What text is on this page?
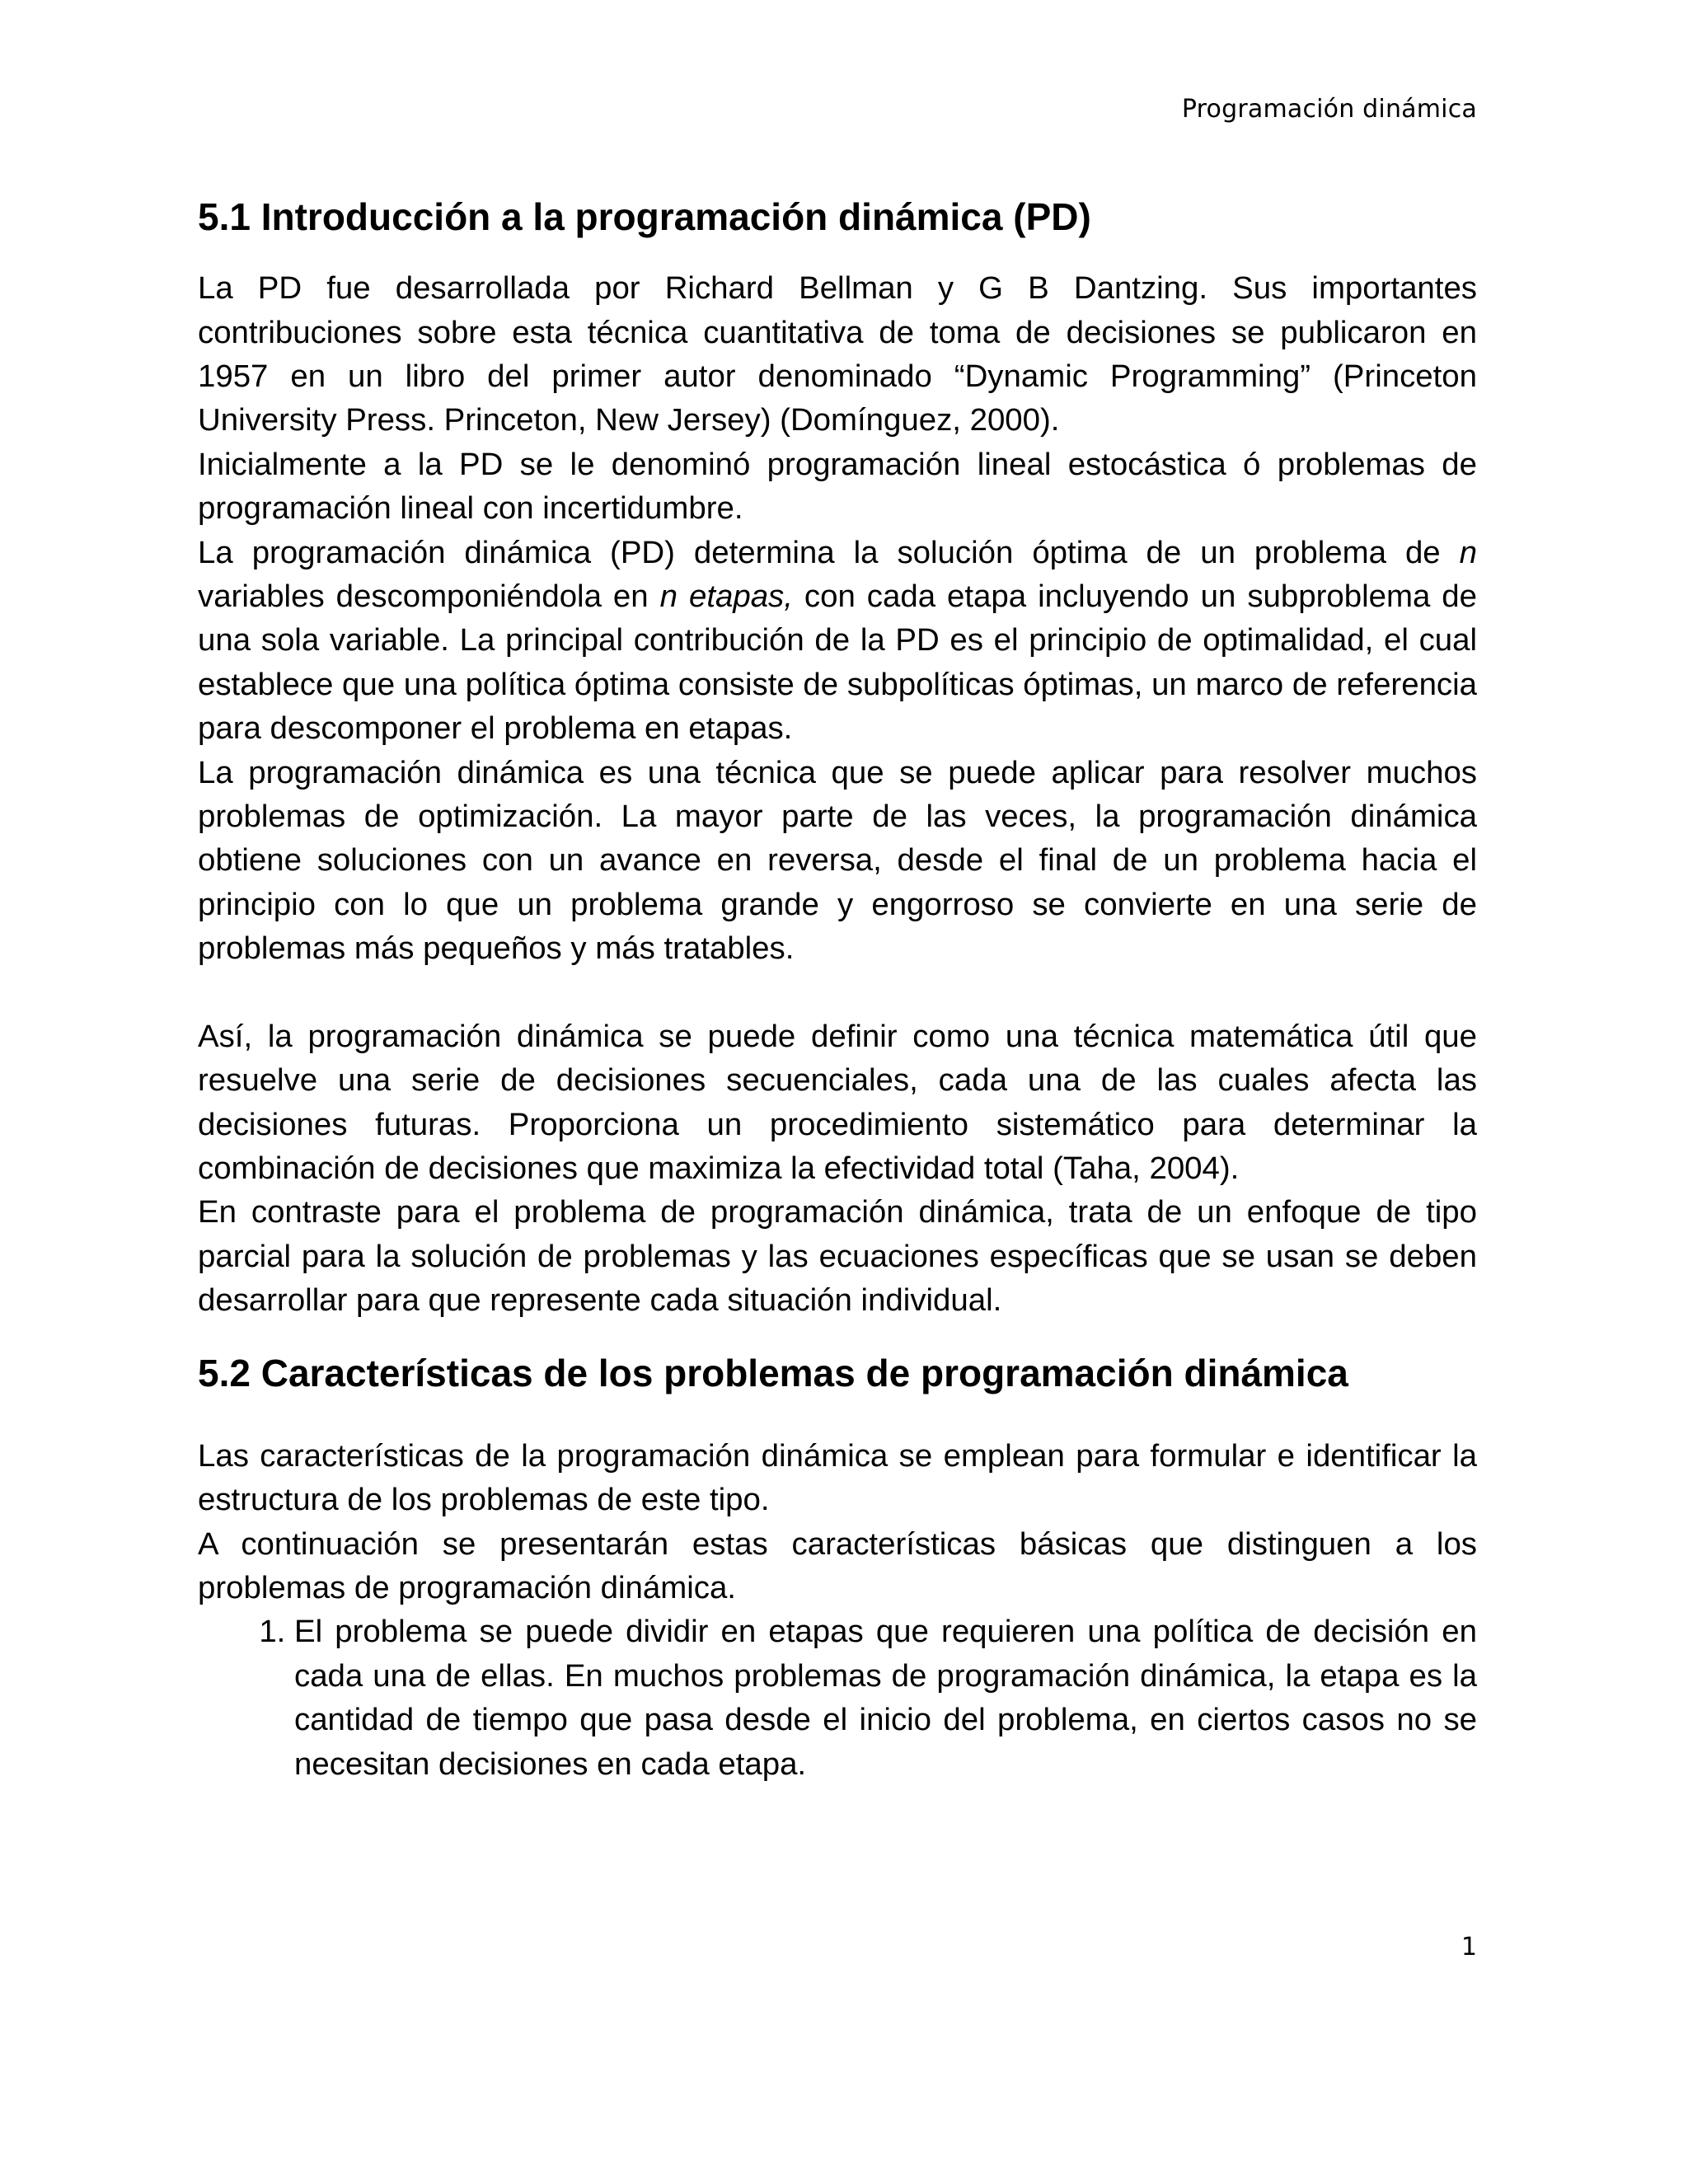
Programación dinámica
5.1 Introducción a la programación dinámica (PD)

La PD fue desarrollada por Richard Bellman y G B Dantzing. Sus importantes contribuciones sobre esta técnica cuantitativa de toma de decisiones se publicaron en 1957 en un libro del primer autor denominado “Dynamic Programming” (Princeton University Press. Princeton, New Jersey) (Domínguez, 2000).

Inicialmente a la PD se le denominó programación lineal estocástica ó problemas de programación lineal con incertidumbre.

La programación dinámica (PD) determina la solución óptima de un problema de n variables descomponiéndola en n etapas, con cada etapa incluyendo un subproblema de una sola variable. La principal contribución de la PD es el principio de optimalidad, el cual establece que una política óptima consiste de subpolíticas óptimas, un marco de referencia para descomponer el problema en etapas.

La programación dinámica es una técnica que se puede aplicar para resolver muchos problemas de optimización. La mayor parte de las veces, la programación dinámica obtiene soluciones con un avance en reversa, desde el final de un problema hacia el principio con lo que un problema grande y engorroso se convierte en una serie de problemas más pequeños y más tratables.

Así, la programación dinámica se puede definir como una técnica matemática útil que resuelve una serie de decisiones secuenciales, cada una de las cuales afecta las decisiones futuras. Proporciona un procedimiento sistemático para determinar la combinación de decisiones que maximiza la efectividad total (Taha, 2004).

En contraste para el problema de programación dinámica, trata de un enfoque de tipo parcial para la solución de problemas y las ecuaciones específicas que se usan se deben desarrollar para que represente cada situación individual.

5.2 Características de los problemas de programación dinámica

Las características de la programación dinámica se emplean para formular e identificar la estructura de los problemas de este tipo.

A continuación se presentarán estas características básicas que distinguen a los problemas de programación dinámica.

1. El problema se puede dividir en etapas que requieren una política de decisión en cada una de ellas. En muchos problemas de programación dinámica, la etapa es la cantidad de tiempo que pasa desde el inicio del problema, en ciertos casos no se necesitan decisiones en cada etapa.
1
